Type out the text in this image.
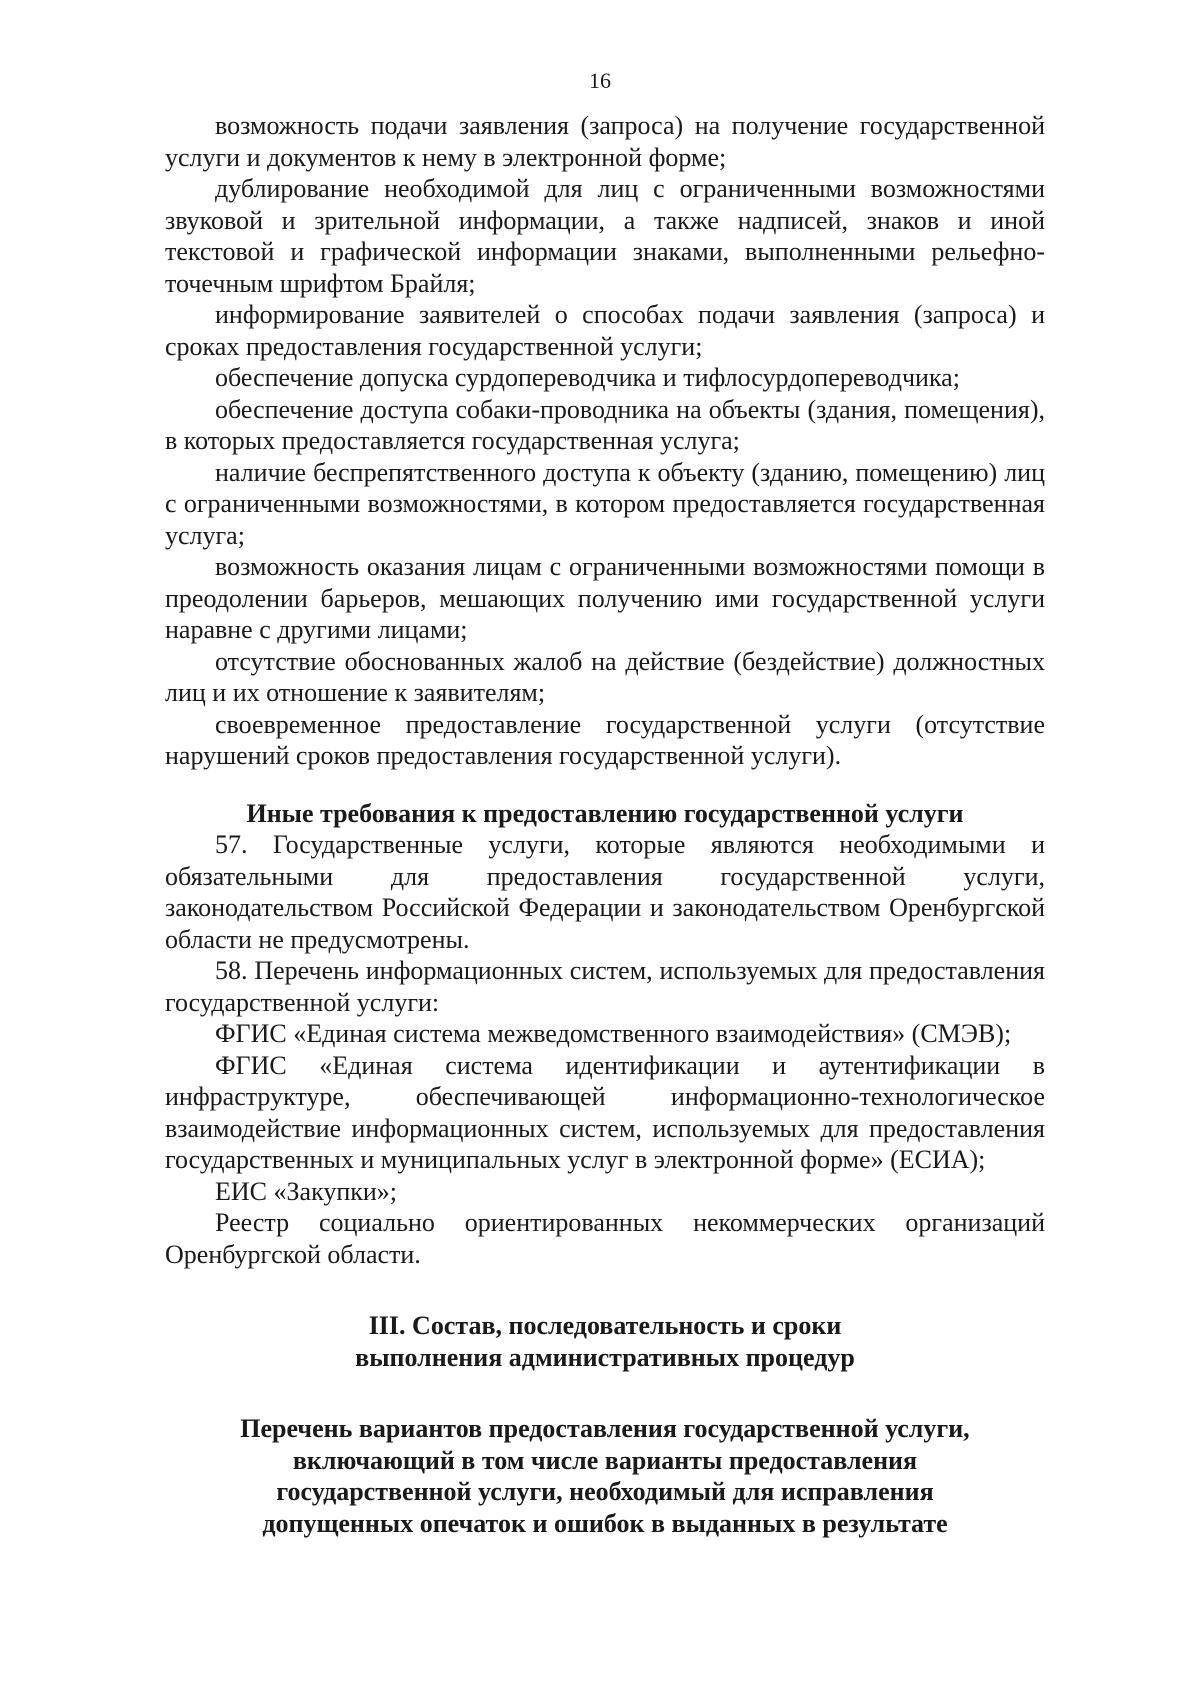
16

возможность подачи заявления (запроса) на получение государственной услуги и документов к нему в электронной форме;

дублирование необходимой для лиц с ограниченными возможностями звуковой и зрительной информации, а также надписей, знаков и иной текстовой и графической информации знаками, выполненными рельефно-точечным шрифтом Брайля;

информирование заявителей о способах подачи заявления (запроса) и сроках предоставления государственной услуги;

обеспечение допуска сурдопереводчика и тифлосурдопереводчика;

обеспечение доступа собаки-проводника на объекты (здания, помещения), в которых предоставляется государственная услуга;

наличие беспрепятственного доступа к объекту (зданию, помещению) лиц с ограниченными возможностями, в котором предоставляется государственная услуга;

возможность оказания лицам с ограниченными возможностями помощи в преодолении барьеров, мешающих получению ими государственной услуги наравне с другими лицами;

отсутствие обоснованных жалоб на действие (бездействие) должностных лиц и их отношение к заявителям;

своевременное предоставление государственной услуги (отсутствие нарушений сроков предоставления государственной услуги).

Иные требования к предоставлению государственной услуги

57. Государственные услуги, которые являются необходимыми и обязательными для предоставления государственной услуги, законодательством Российской Федерации и законодательством Оренбургской области не предусмотрены.

58. Перечень информационных систем, используемых для предоставления государственной услуги:

ФГИС «Единая система межведомственного взаимодействия» (СМЭВ);

ФГИС «Единая система идентификации и аутентификации в инфраструктуре, обеспечивающей информационно-технологическое взаимодействие информационных систем, используемых для предоставления государственных и муниципальных услуг в электронной форме» (ЕСИА);

ЕИС «Закупки»;

Реестр социально ориентированных некоммерческих организаций Оренбургской области.

III. Состав, последовательность и сроки

выполнения административных процедур

Перечень вариантов предоставления государственной услуги,

включающий в том числе варианты предоставления

государственной услуги, необходимый для исправления

допущенных опечаток и ошибок в выданных в результате
